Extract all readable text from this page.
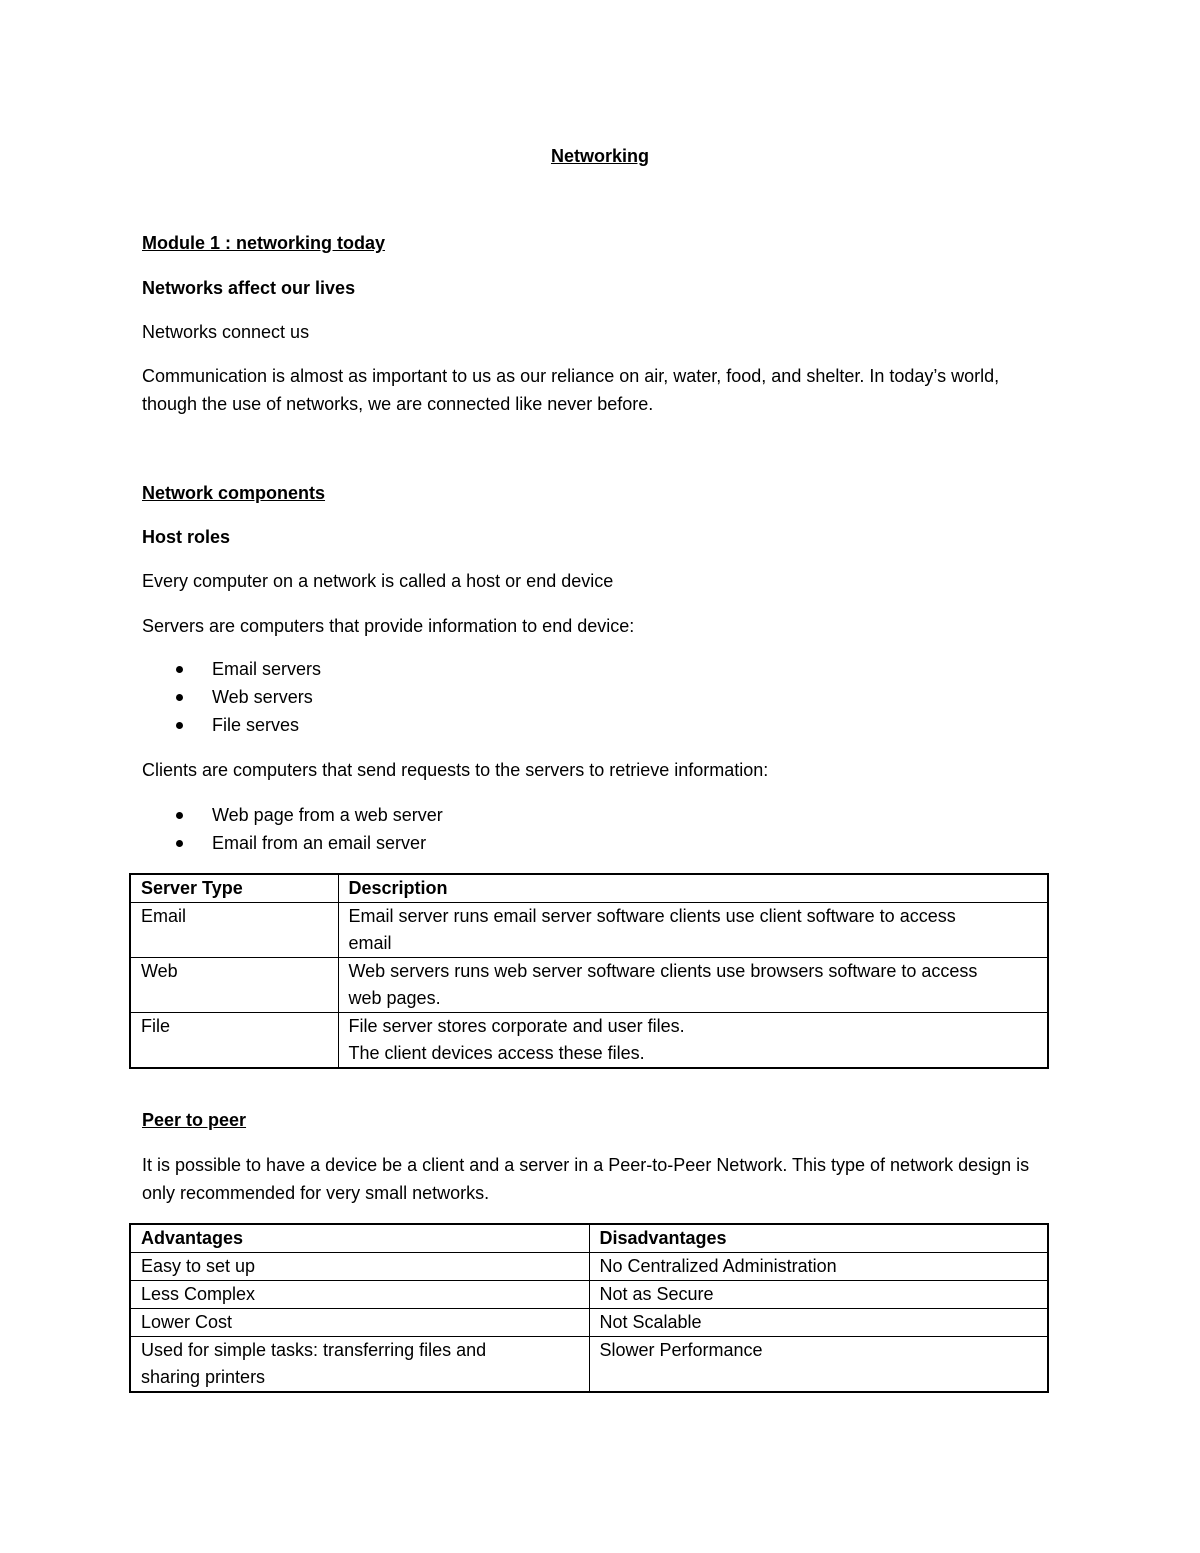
Networking
Module 1 : networking today
Networks affect our lives
Networks connect us
Communication is almost as important to us as our reliance on air, water, food, and shelter. In today’s world, though the use of networks, we are connected like never before.
Network components
Host roles
Every computer on a network is called a host or end device
Servers are computers that provide information to end device:
Email servers
Web servers
File serves
Clients are computers that send requests to the servers to retrieve information:
Web page from a web server
Email from an email server
Server Type	Description
Email	Email server runs email server software clients use client software to access
email

Web	Web servers runs web server software clients use browsers software to access
web pages.

File	File server stores corporate and user files.
The client devices access these files.
Peer to peer
It is possible to have a device be a client and a server in a Peer-to-Peer Network. This type of network design is only recommended for very small networks.
Advantages	Disadvantages

Easy to set up	No Centralized Administration

Less Complex	Not as Secure

Lower Cost	Not Scalable

Used for simple tasks: transferring files and
sharing printers	Slower Performance
